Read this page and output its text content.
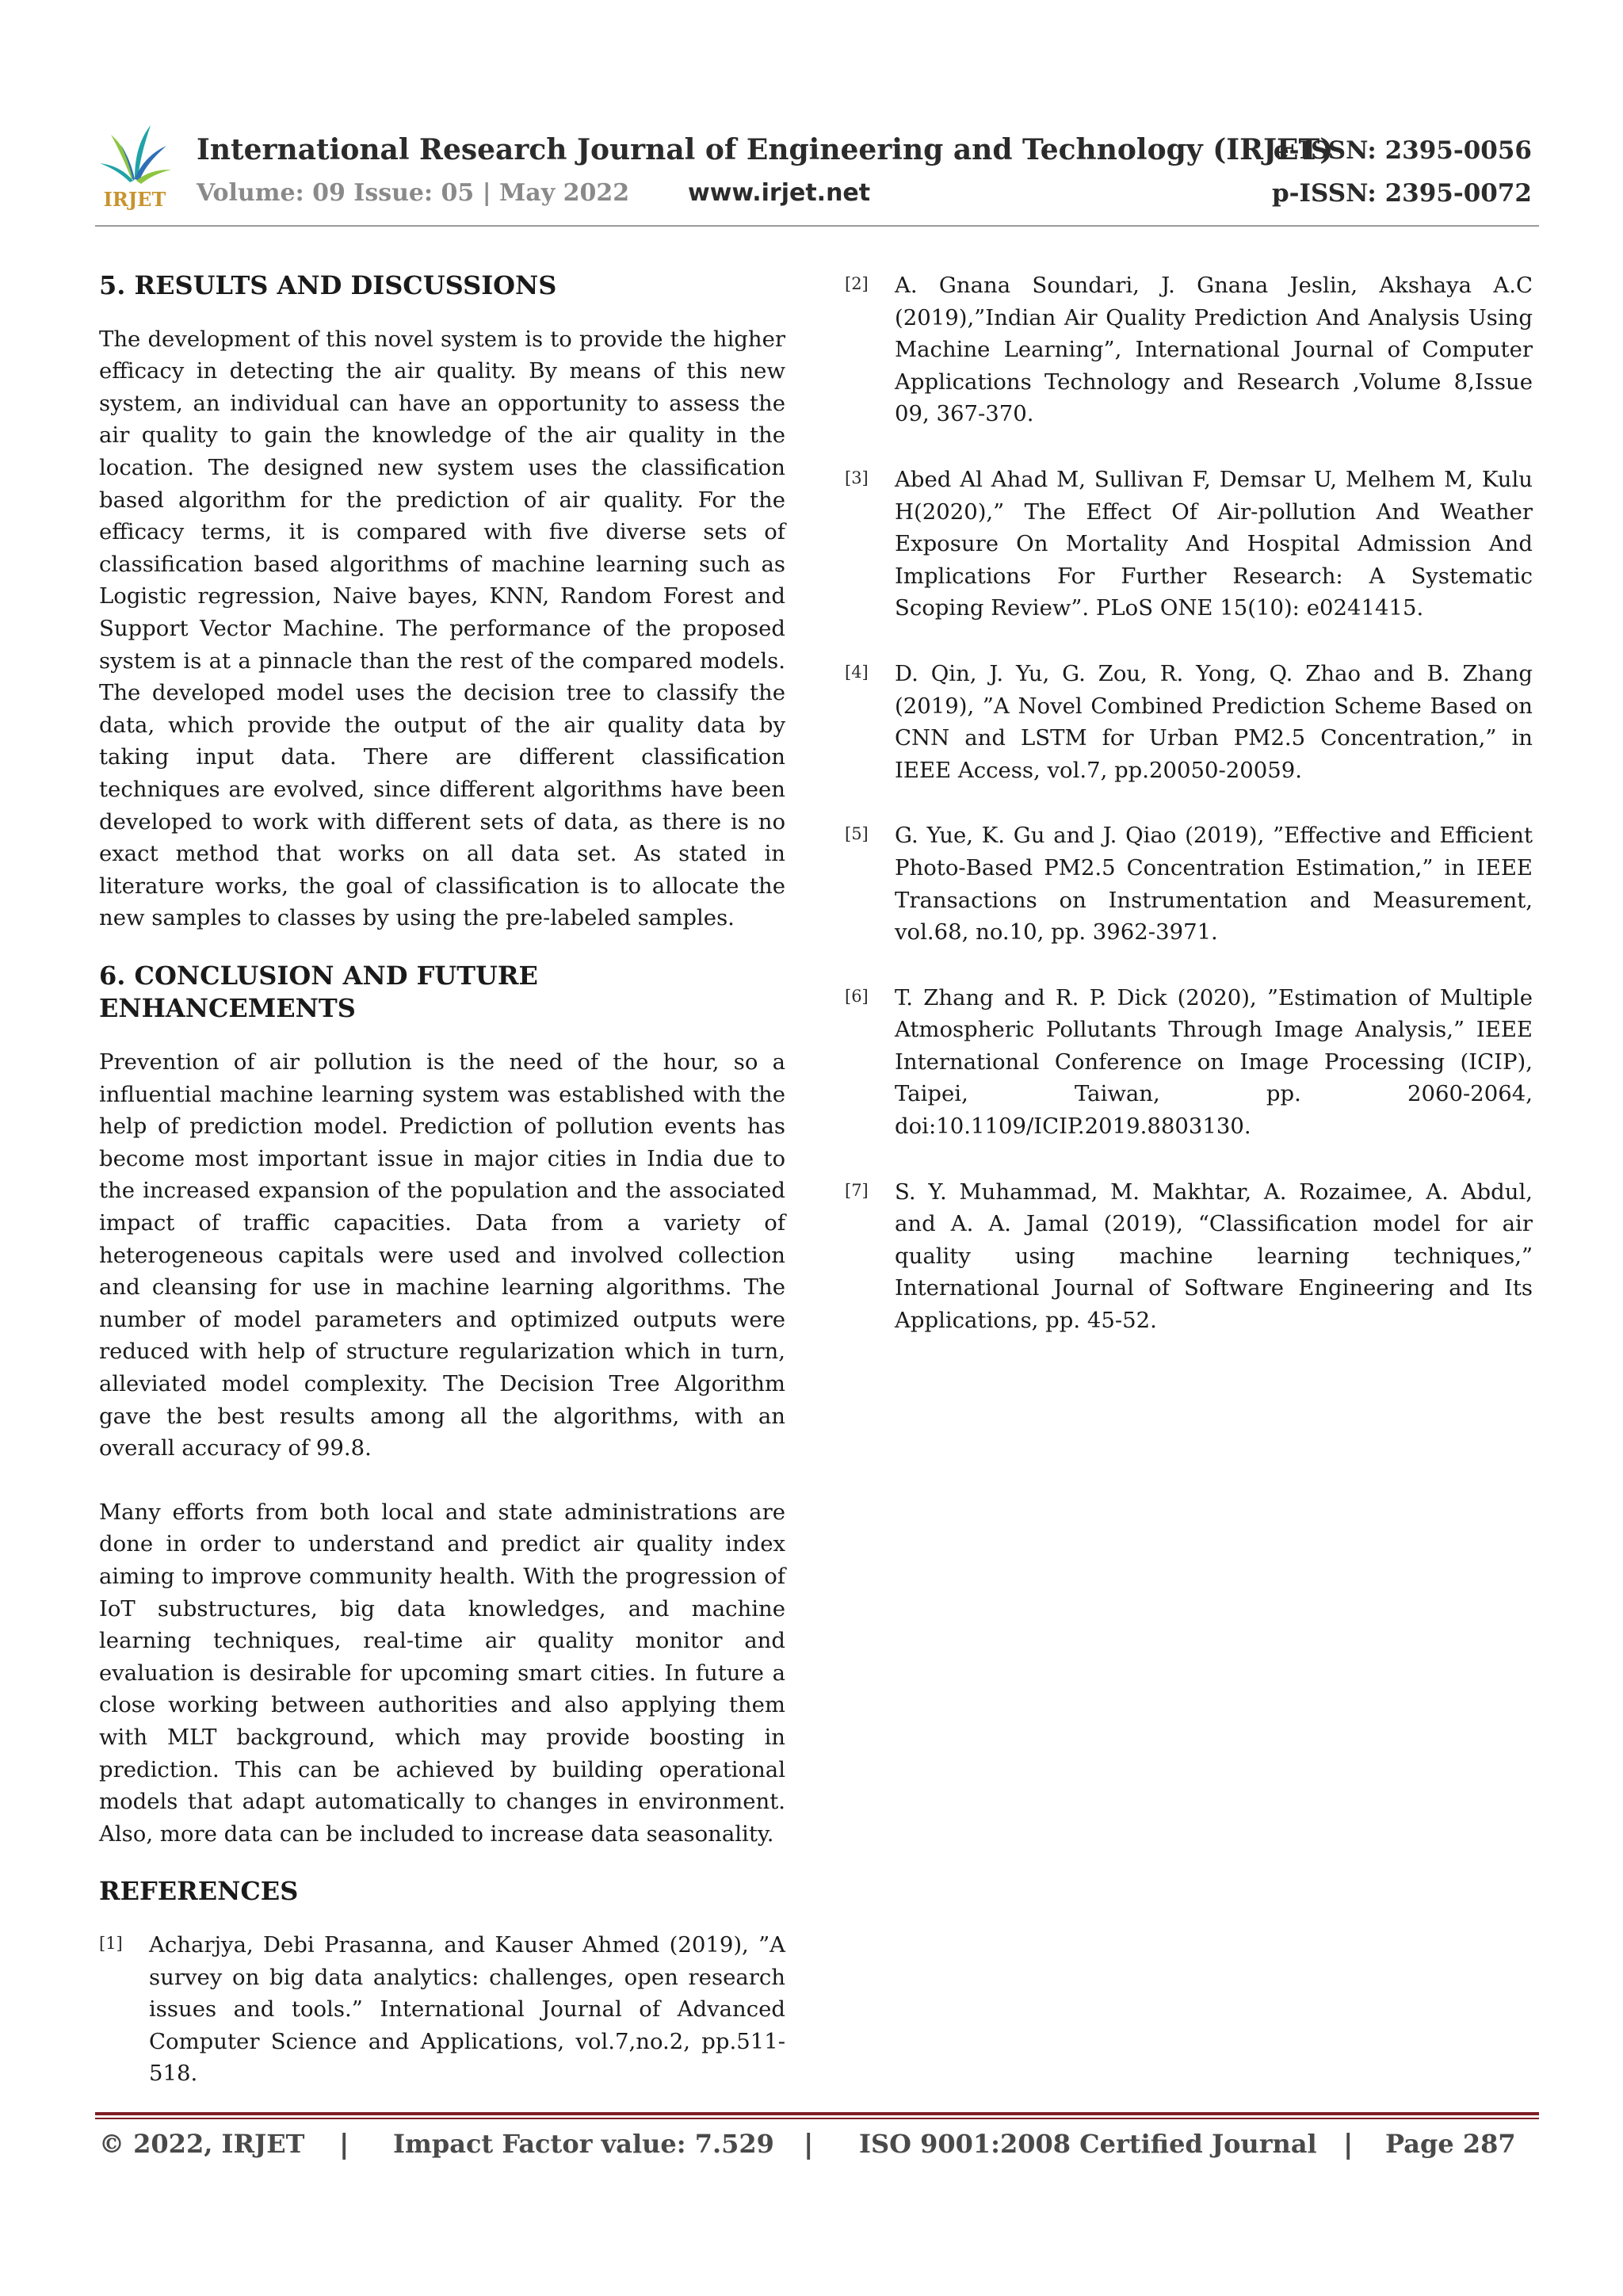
IRJET
International Research Journal of Engineering and Technology (IRJET)
e-ISSN: 2395-0056
Volume: 09 Issue: 05 | May 2022 www.irjet.net	p-ISSN: 2395-0072
5. RESULTS AND DISCUSSIONS

The development of this novel system is to provide the higher efficacy in detecting the air quality. By means of this new system, an individual can have an opportunity to assess the air quality to gain the knowledge of the air quality in the location. The designed new system uses the classification based algorithm for the prediction of air quality. For the efficacy terms, it is compared with five diverse sets of classification based algorithms of machine learning such as Logistic regression, Naive bayes, KNN, Random Forest and Support Vector Machine. The performance of the proposed system is at a pinnacle than the rest of the compared models. The developed model uses the decision tree to classify the data, which provide the output of the air quality data by taking input data. There are different classification techniques are evolved, since different algorithms have been developed to work with different sets of data, as there is no exact method that works on all data set. As stated in literature works, the goal of classification is to allocate the new samples to classes by using the pre-labeled samples.

6. CONCLUSION AND FUTURE ENHANCEMENTS

Prevention of air pollution is the need of the hour, so a influential machine learning system was established with the help of prediction model. Prediction of pollution events has become most important issue in major cities in India due to the increased expansion of the population and the associated impact of traffic capacities. Data from a variety of heterogeneous capitals were used and involved collection and cleansing for use in machine learning algorithms. The number of model parameters and optimized outputs were reduced with help of structure regularization which in turn, alleviated model complexity. The Decision Tree Algorithm gave the best results among all the algorithms, with an overall accuracy of 99.8.

Many efforts from both local and state administrations are done in order to understand and predict air quality index aiming to improve community health. With the progression of IoT substructures, big data knowledges, and machine learning techniques, real-time air quality monitor and evaluation is desirable for upcoming smart cities. In future a close working between authorities and also applying them with MLT background, which may provide boosting in prediction. This can be achieved by building operational models that adapt automatically to changes in environment. Also, more data can be included to increase data seasonality.

REFERENCES
[1] Acharjya, Debi Prasanna, and Kauser Ahmed (2019), ”A survey on big data analytics: challenges, open research issues and tools.” International Journal of Advanced Computer Science and Applications, vol.7,no.2, pp.511-518.

[2] A. Gnana Soundari, J. Gnana Jeslin, Akshaya A.C (2019),”Indian Air Quality Prediction And Analysis Using Machine Learning”, International Journal of Computer Applications Technology and Research ,Volume 8,Issue 09, 367-370.

[3] Abed Al Ahad M, Sullivan F, Demsar U, Melhem M, Kulu H(2020),” The Effect Of Air-pollution And Weather Exposure On Mortality And Hospital Admission And Implications For Further Research: A Systematic Scoping Review”. PLoS ONE 15(10): e0241415.

[4] D. Qin, J. Yu, G. Zou, R. Yong, Q. Zhao and B. Zhang (2019), ”A Novel Combined Prediction Scheme Based on CNN and LSTM for Urban PM2.5 Concentration,” in IEEE Access, vol.7, pp.20050-20059.

[5] G. Yue, K. Gu and J. Qiao (2019), ”Effective and Efficient Photo-Based PM2.5 Concentration Estimation,” in IEEE Transactions on Instrumentation and Measurement, vol.68, no.10, pp. 3962-3971.

[6] T. Zhang and R. P. Dick (2020), ”Estimation of Multiple Atmospheric Pollutants Through Image Analysis,” IEEE International Conference on Image Processing (ICIP), Taipei, Taiwan, pp. 2060-2064, doi:10.1109/ICIP.2019.8803130.

[7] S. Y. Muhammad, M. Makhtar, A. Rozaimee, A. Abdul, and A. A. Jamal (2019), “Classification model for air quality using machine learning techniques,” International Journal of Software Engineering and Its Applications, pp. 45-52.

© 2022, IRJET | Impact Factor value: 7.529 | ISO 9001:2008 Certified Journal | Page 287
